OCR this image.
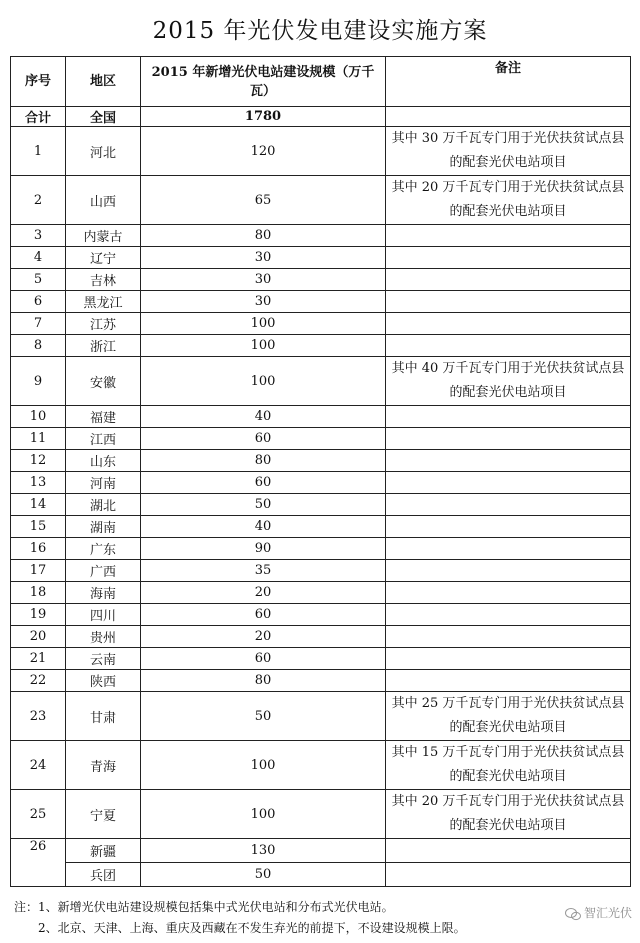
2015 年光伏发电建设实施方案
序号	地区	2015 年新增光伏电站建设规模（万千瓦）	备注
合计	全国	1780	
1	河北	120	其中 30 万千瓦专门用于光伏扶贫试点县的配套光伏电站项目
2	山西	65	其中 20 万千瓦专门用于光伏扶贫试点县的配套光伏电站项目
3	内蒙古	80	
4	辽宁	30	
5	吉林	30	
6	黑龙江	30	
7	江苏	100	
8	浙江	100	
9	安徽	100	其中 40 万千瓦专门用于光伏扶贫试点县的配套光伏电站项目
10	福建	40	
11	江西	60	
12	山东	80	
13	河南	60	
14	湖北	50	
15	湖南	40	
16	广东	90	
17	广西	35	
18	海南	20	
19	四川	60	
20	贵州	20	
21	云南	60	
22	陕西	80	
23	甘肃	50	其中 25 万千瓦专门用于光伏扶贫试点县的配套光伏电站项目
24	青海	100	其中 15 万千瓦专门用于光伏扶贫试点县的配套光伏电站项目
25	宁夏	100	其中 20 万千瓦专门用于光伏扶贫试点县的配套光伏电站项目
26	新疆	130	
	兵团	50	
注：1、新增光伏电站建设规模包括集中式光伏电站和分布式光伏电站。
　　2、北京、天津、上海、重庆及西藏在不发生弃光的前提下，不设建设规模上限。
智汇光伏
